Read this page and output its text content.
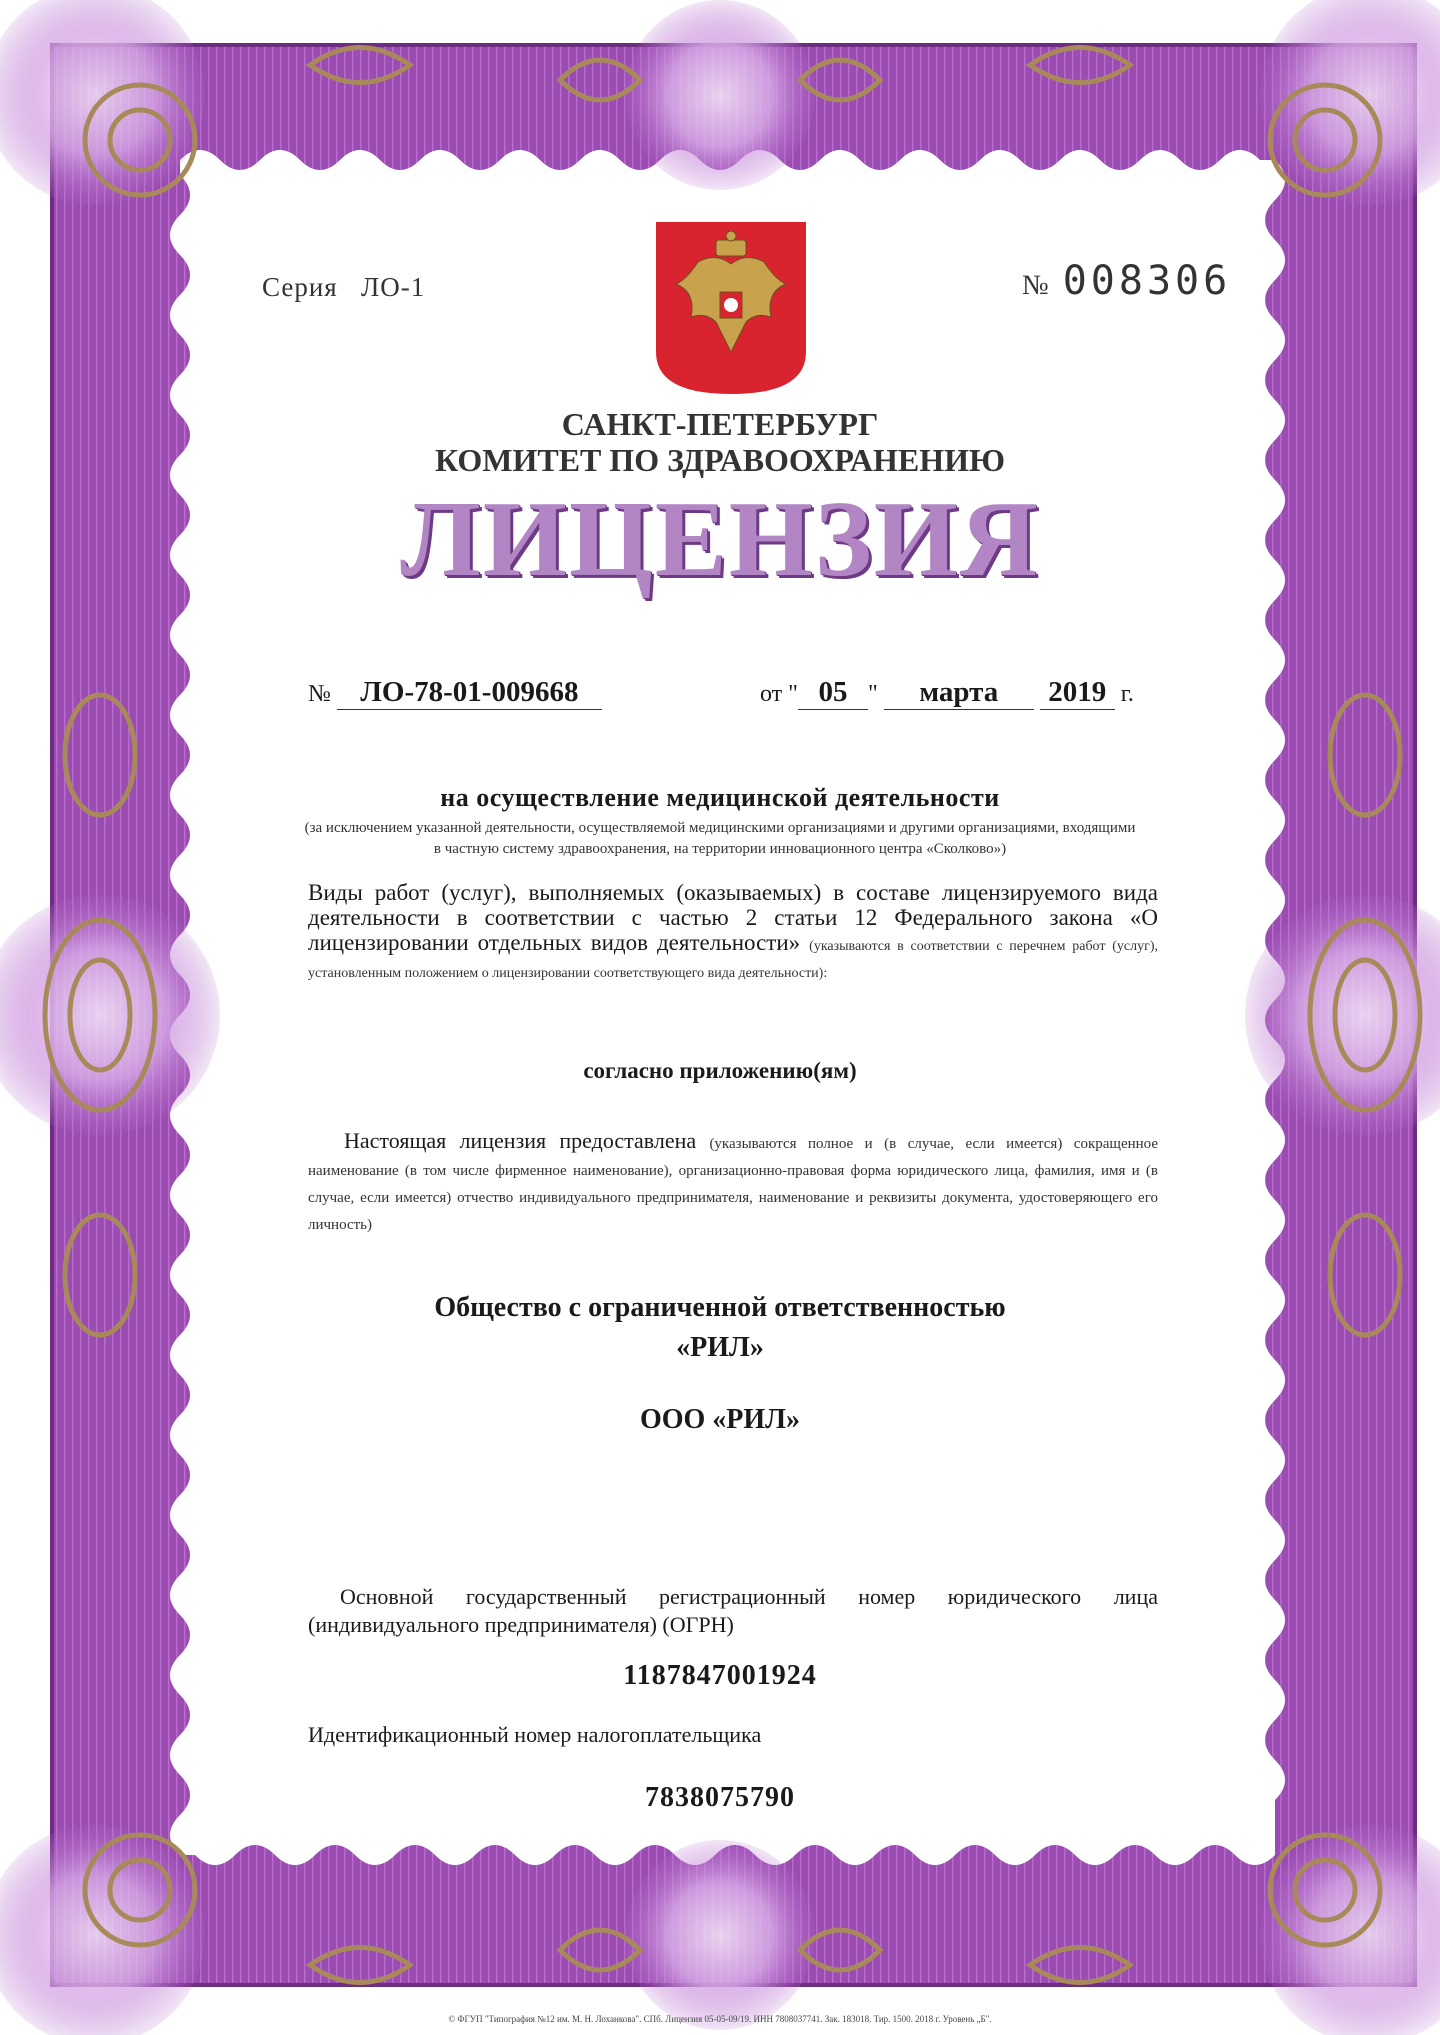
Серия ЛО-1	№ 008306
САНКТ-ПЕТЕРБУРГ
КОМИТЕТ ПО ЗДРАВООХРАНЕНИЮ
ЛИЦЕНЗИЯ
№ ЛО-78-01-009668	от " 05 " марта 2019 г.
на осуществление медицинской деятельности
(за исключением указанной деятельности, осуществляемой медицинскими организациями и другими организациями, входящими в частную систему здравоохранения, на территории инновационного центра «Сколково»)
Виды работ (услуг), выполняемых (оказываемых) в составе лицензируемого вида деятельности в соответствии с частью 2 статьи 12 Федерального закона «О лицензировании отдельных видов деятельности» (указываются в соответствии с перечнем работ (услуг), установленным положением о лицензировании соответствующего вида деятельности):
согласно приложению(ям)
Настоящая лицензия предоставлена (указываются полное и (в случае, если имеется) сокращенное наименование (в том числе фирменное наименование), организационно-правовая форма юридического лица, фамилия, имя и (в случае, если имеется) отчество индивидуального предпринимателя, наименование и реквизиты документа, удостоверяющего его личность)
Общество с ограниченной ответственностью
«РИЛ»
ООО «РИЛ»
Основной государственный регистрационный номер юридического лица (индивидуального предпринимателя) (ОГРН)
1187847001924
Идентификационный номер налогоплательщика
7838075790
© ФГУП "Типография №12 им. М. Н. Лоханкова". СПб. Лицензия 05-05-09/19. ИНН 7808037741. Зак. 183018. Тир. 1500. 2018 г. Уровень „Б".
